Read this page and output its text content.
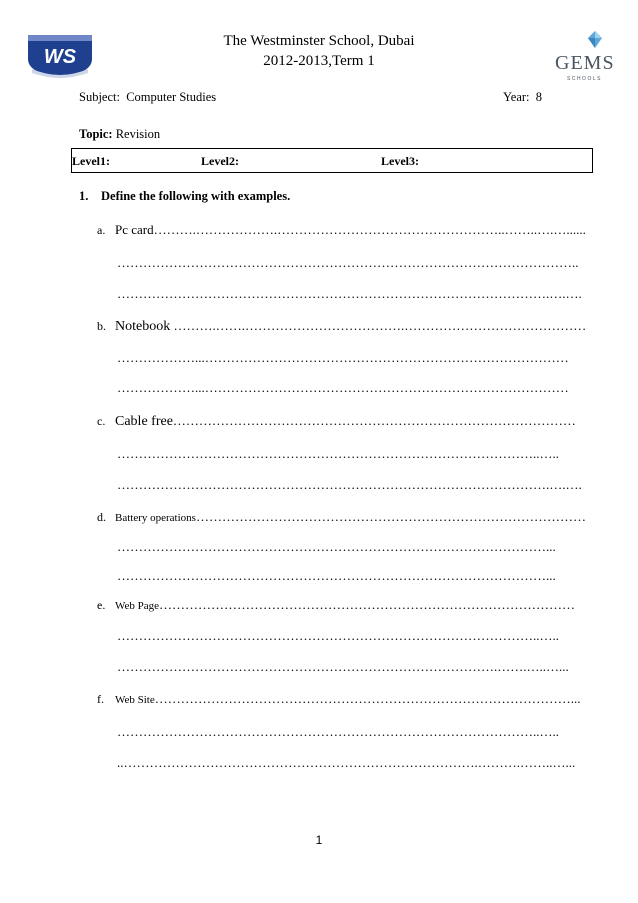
WS	GEMS
SCHOOLS
The Westminster School, Dubai
2012-2013,Term 1
Subject: Computer Studies	Year: 8
Topic: Revision
Level1:	Level2:	Level3:
1. Define the following with examples.
a. Pc card……….……………….……………………………………………..……..….…......
……………………………………………………………………………………………..
……………………………………………………………………………………….….….
b. Notebook ……….…….……………………………….……………………………………
………………...…………………………………………………………………………
………………...…………………………………………………………………………
c. Cable free…………………………………………………………………………………
……………………………………………………………………………………..…..
……………………………………………………………………………………….….….
d. Battery operations………………………………………………………………………………
………………………………………………………………………………………...
………………………………………………………………………………………...
e. Web Page……………………………………………………………………………………
……………………………………………………………………………………..…..
…………………………………………………………………………….…….…..…...
f. Web Site……………………………………………………………………………………...
……………………………………………………………………………………..…..
..……………………………………………………………………….……….……..…...
1
